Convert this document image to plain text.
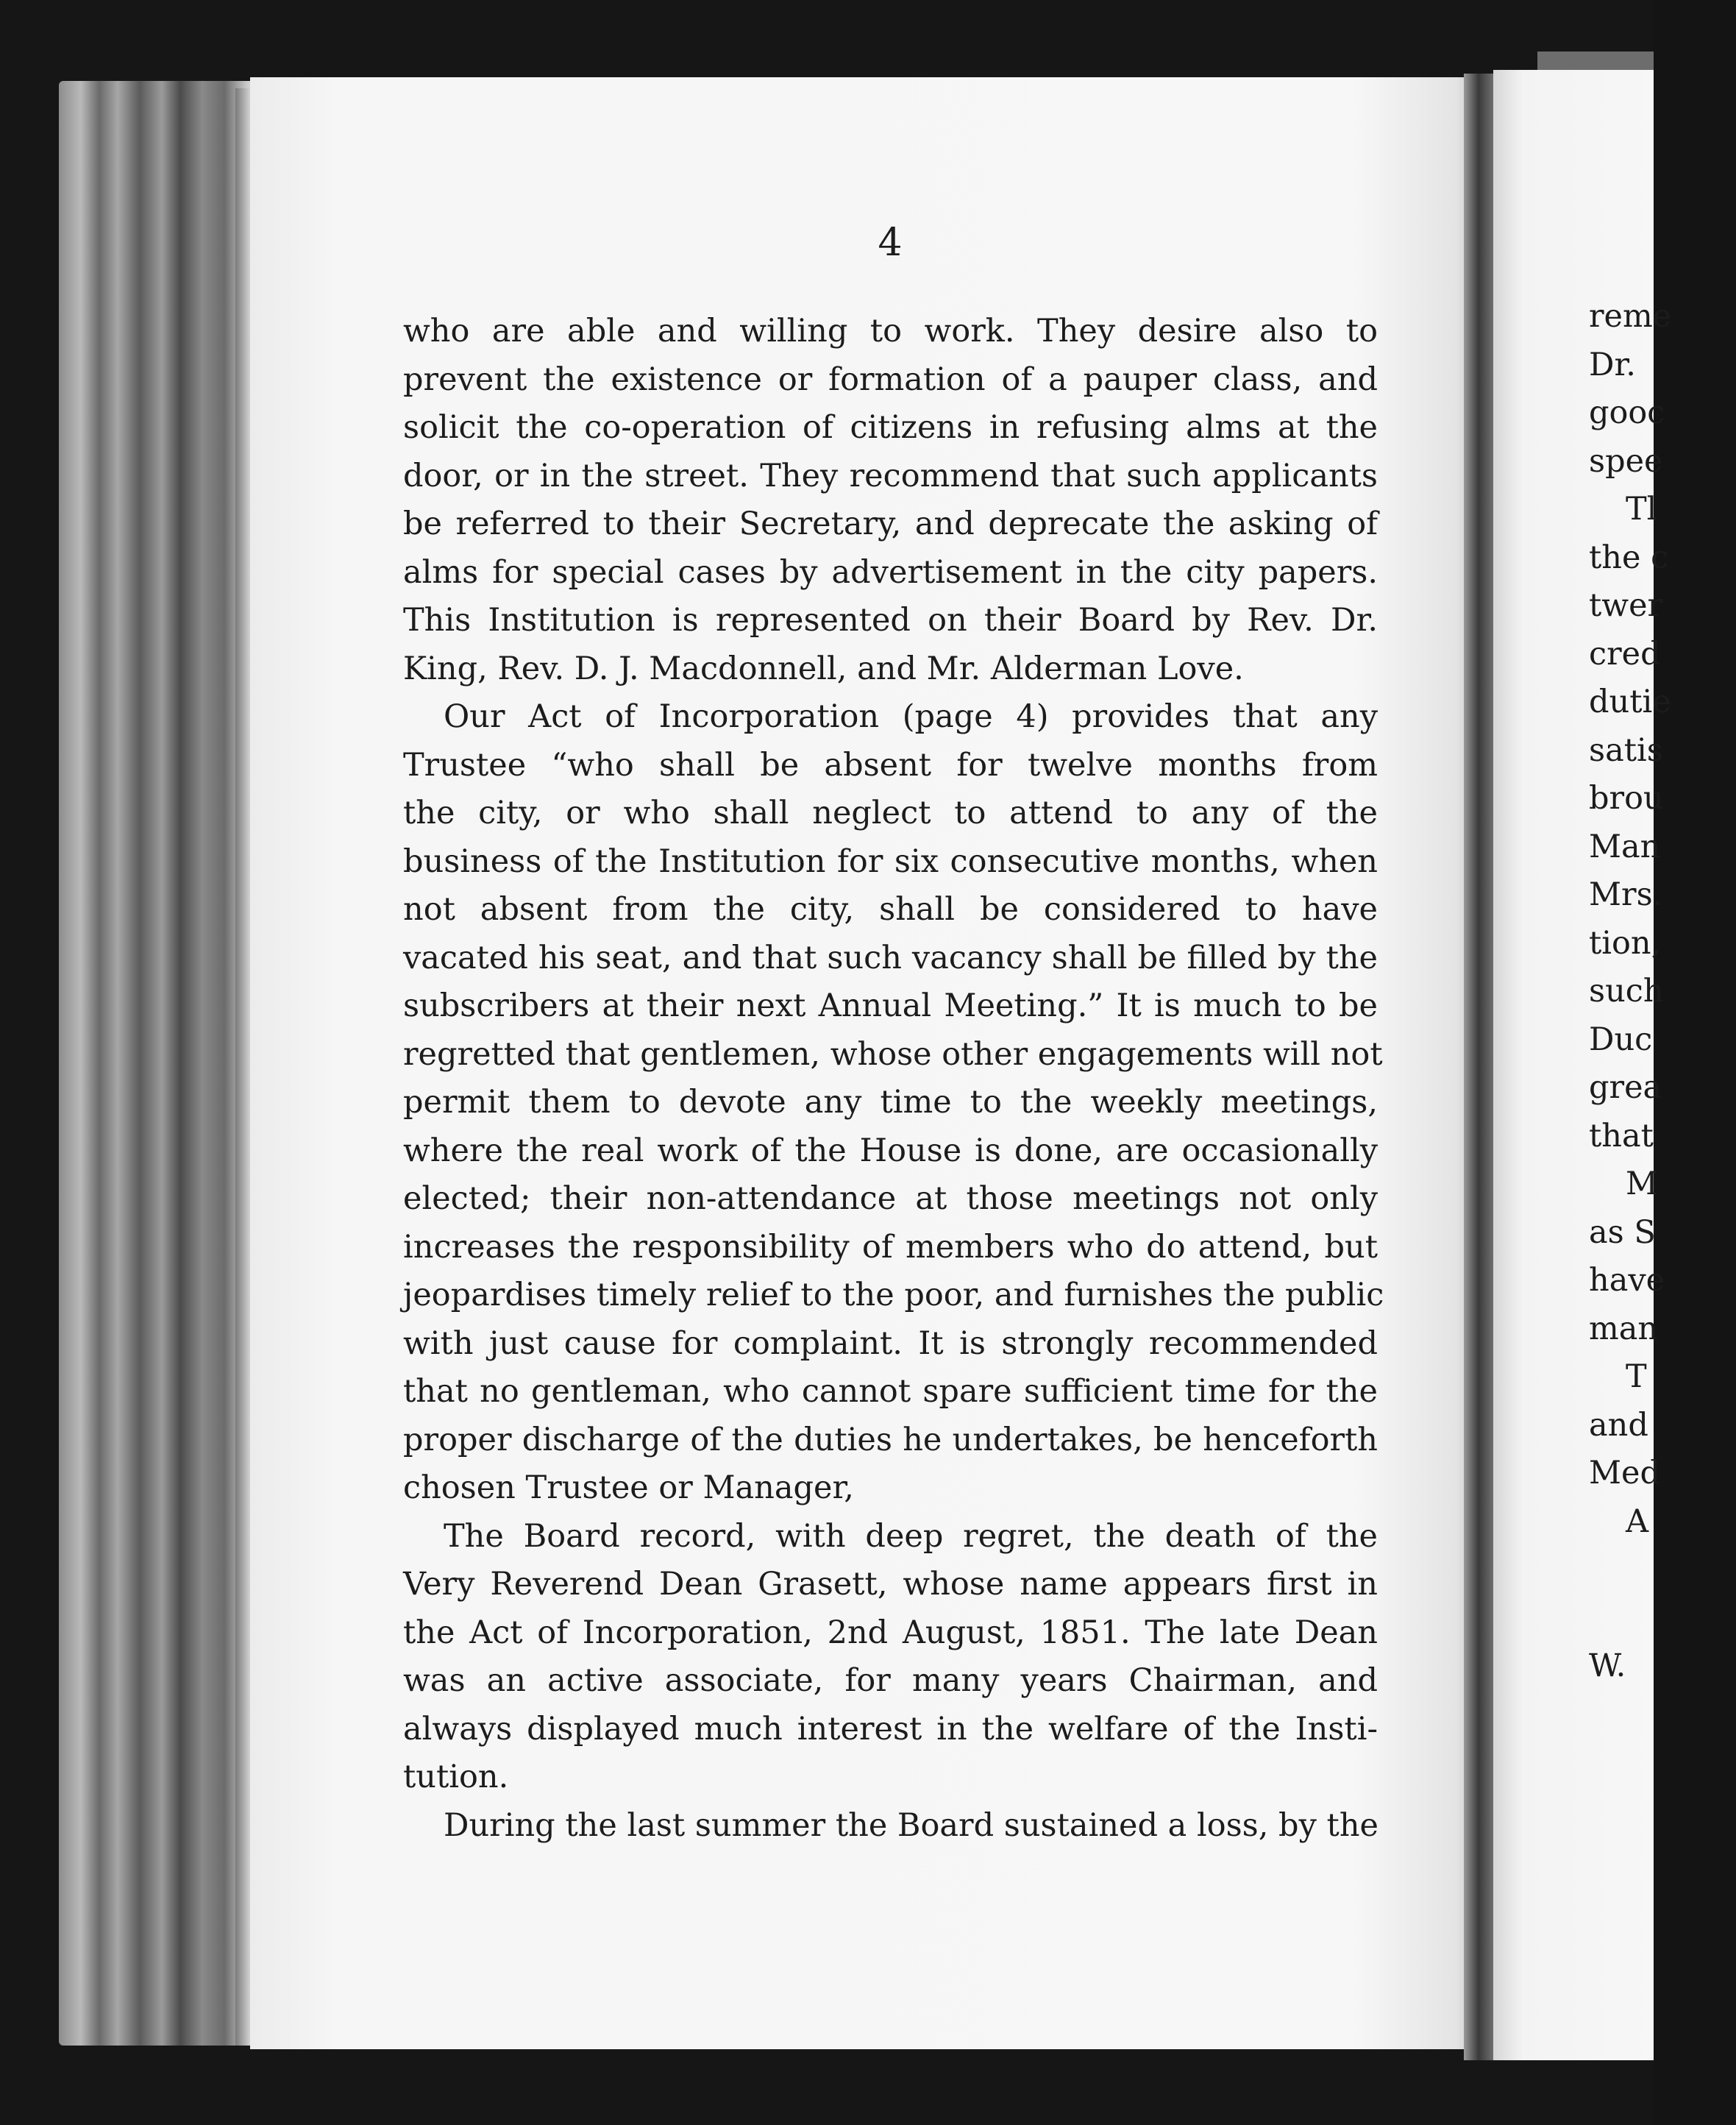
4
who are able and willing to work. They desire also to
prevent the existence or formation of a pauper class, and
solicit the co-operation of citizens in refusing alms at the
door, or in the street. They recommend that such applicants
be referred to their Secretary, and deprecate the asking of
alms for special cases by advertisement in the city papers.
This Institution is represented on their Board by Rev. Dr.
King, Rev. D. J. Macdonnell, and Mr. Alderman Love.
Our Act of Incorporation (page 4) provides that any
Trustee “who shall be absent for twelve months from
the city, or who shall neglect to attend to any of the
business of the Institution for six consecutive months, when
not absent from the city, shall be considered to have
vacated his seat, and that such vacancy shall be filled by the
subscribers at their next Annual Meeting.” It is much to be
regretted that gentlemen, whose other engagements will not
permit them to devote any time to the weekly meetings,
where the real work of the House is done, are occasionally
elected; their non-attendance at those meetings not only
increases the responsibility of members who do attend, but
jeopardises timely relief to the poor, and furnishes the public
with just cause for complaint. It is strongly recommended
that no gentleman, who cannot spare sufficient time for the
proper discharge of the duties he undertakes, be henceforth
chosen Trustee or Manager,
The Board record, with deep regret, the death of the
Very Reverend Dean Grasett, whose name appears first in
the Act of Incorporation, 2nd August, 1851. The late Dean
was an active associate, for many years Chairman, and
always displayed much interest in the welfare of the Insti-
tution.
During the last summer the Board sustained a loss, by the
reme
Dr.
gooc
spee
Tl
the c
twer
cred
dutie
satis
brou
Man
Mrs.
tion,
such
Duc
grea
that
M
as S
have
man
T
and
Med
A
W.
